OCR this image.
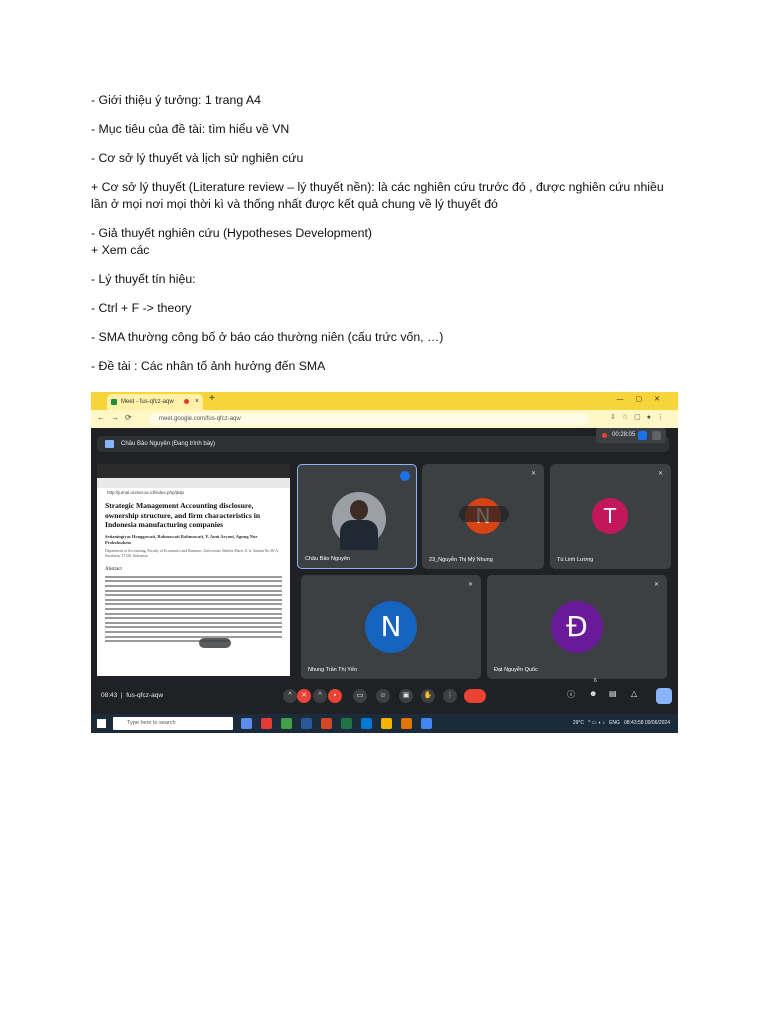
- Giới thiệu ý tưởng: 1 trang A4

- Mục tiêu của đề tài: tìm hiểu về VN

- Cơ sở lý thuyết và lịch sử nghiên cứu

+ Cơ sở lý thuyết (Literature review – lý thuyết nền): là các nghiên cứu trước đó , được nghiên cứu nhiều lần ở mọi nơi mọi thời kì và thống nhất được kết quả chung về lý thuyết đó

- Giả thuyết nghiên cứu (Hypotheses Development)

+ Xem các

- Lý thuyết tín hiệu:

- Ctrl + F -> theory

- SMA thường công bố ở báo cáo thường niên (cấu trức vốn, …)

- Đề tài : Các nhân tố ảnh hưởng đến SMA

Meet - fus-qfcz-aqw	× +	—▢✕
←→⟳	meet.google.com/fus-qfcz-aqw	⇩☆▢●⋮
Châu Bảo Nguyên (Đang trình bày)
00:28:05
http://jurnal.unmer.ac.id/index.php/jkdp
Strategic Management Accounting disclosure, ownership structure, and firm characteristics in Indonesia manufacturing companies
Setianingtyas Honggowati, Rahmawati Rahmawati, Y. Anni Aryani, Agung Nur Probohudono
Department of Accounting, Faculty of Economics and Business, Universitas Sebelas Maret Jl. Ir. Sutami No.36-A, Surakarta, 57126, Indonesia
Abstract
Châu Bảo Nguyên
✕
23_Nguyễn Thị Mỹ Nhung
✕
T
Tú Linh Lương
✕
N
Nhung Trần Thị Yến
✕
Đ
Đạt Nguyễn Quốc
08:43  |  fus-qfcz-aqw	^	✕	^	▪	▭	☺	▣	✋	⋮	ⓘ ☻
6
▤ △
Type here to search	29°C   ^ ▭ ◖ ♪   ENG 08:43:58 09/06/2024
